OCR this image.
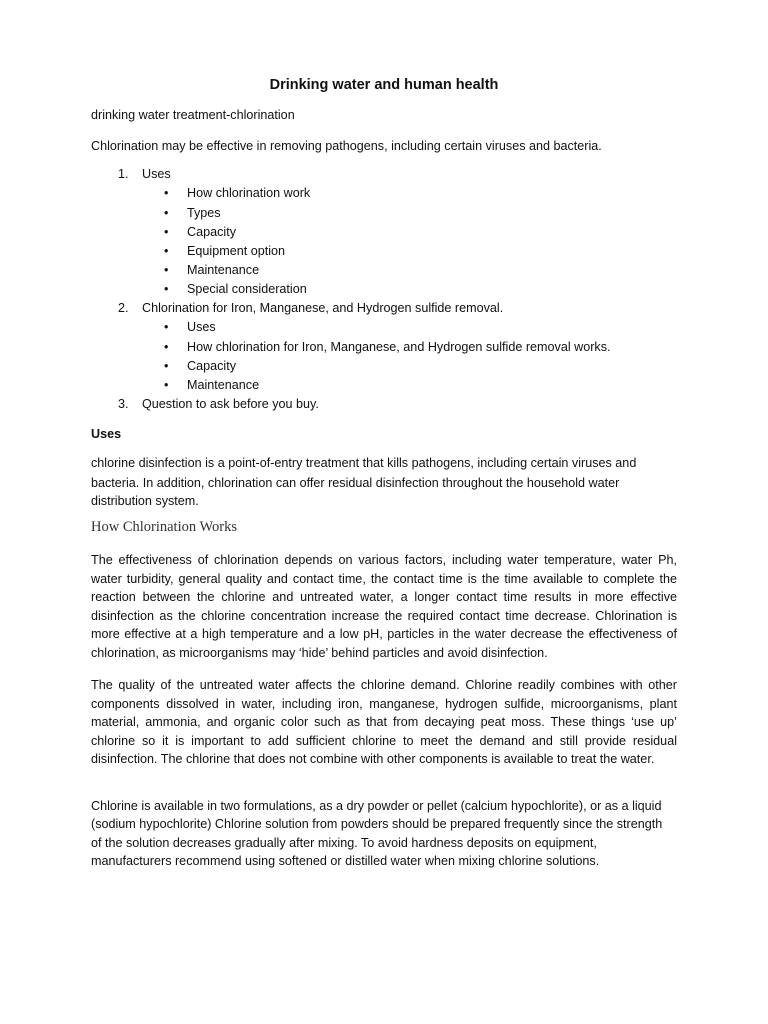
Drinking water and human health
drinking water treatment-chlorination
Chlorination may be effective in removing pathogens, including certain viruses and bacteria.
1. Uses
• How chlorination work
• Types
• Capacity
• Equipment option
• Maintenance
• Special consideration
2. Chlorination for Iron, Manganese, and Hydrogen sulfide removal.
• Uses
• How chlorination for Iron, Manganese, and Hydrogen sulfide removal works.
• Capacity
• Maintenance
3. Question to ask before you buy.
Uses
chlorine disinfection is a point-of-entry treatment that kills pathogens, including certain viruses and
bacteria. In addition, chlorination can offer residual disinfection throughout the household water
distribution system.
How Chlorination Works
The effectiveness of chlorination depends on various factors, including water temperature, water Ph, water turbidity, general quality and contact time, the contact time is the time available to complete the reaction between the chlorine and untreated water, a longer contact time results in more effective disinfection as the chlorine concentration increase the required contact time decrease. Chlorination is more effective at a high temperature and a low pH, particles in the water decrease the effectiveness of chlorination, as microorganisms may ‘hide’ behind particles and avoid disinfection.
The quality of the untreated water affects the chlorine demand. Chlorine readily combines with other components dissolved in water, including iron, manganese, hydrogen sulfide, microorganisms, plant material, ammonia, and organic color such as that from decaying peat moss. These things ‘use up’ chlorine so it is important to add sufficient chlorine to meet the demand and still provide residual disinfection. The chlorine that does not combine with other components is available to treat the water.
Chlorine is available in two formulations, as a dry powder or pellet (calcium hypochlorite), or as a liquid
(sodium hypochlorite) Chlorine solution from powders should be prepared frequently since the strength
of the solution decreases gradually after mixing. To avoid hardness deposits on equipment,
manufacturers recommend using softened or distilled water when mixing chlorine solutions.
